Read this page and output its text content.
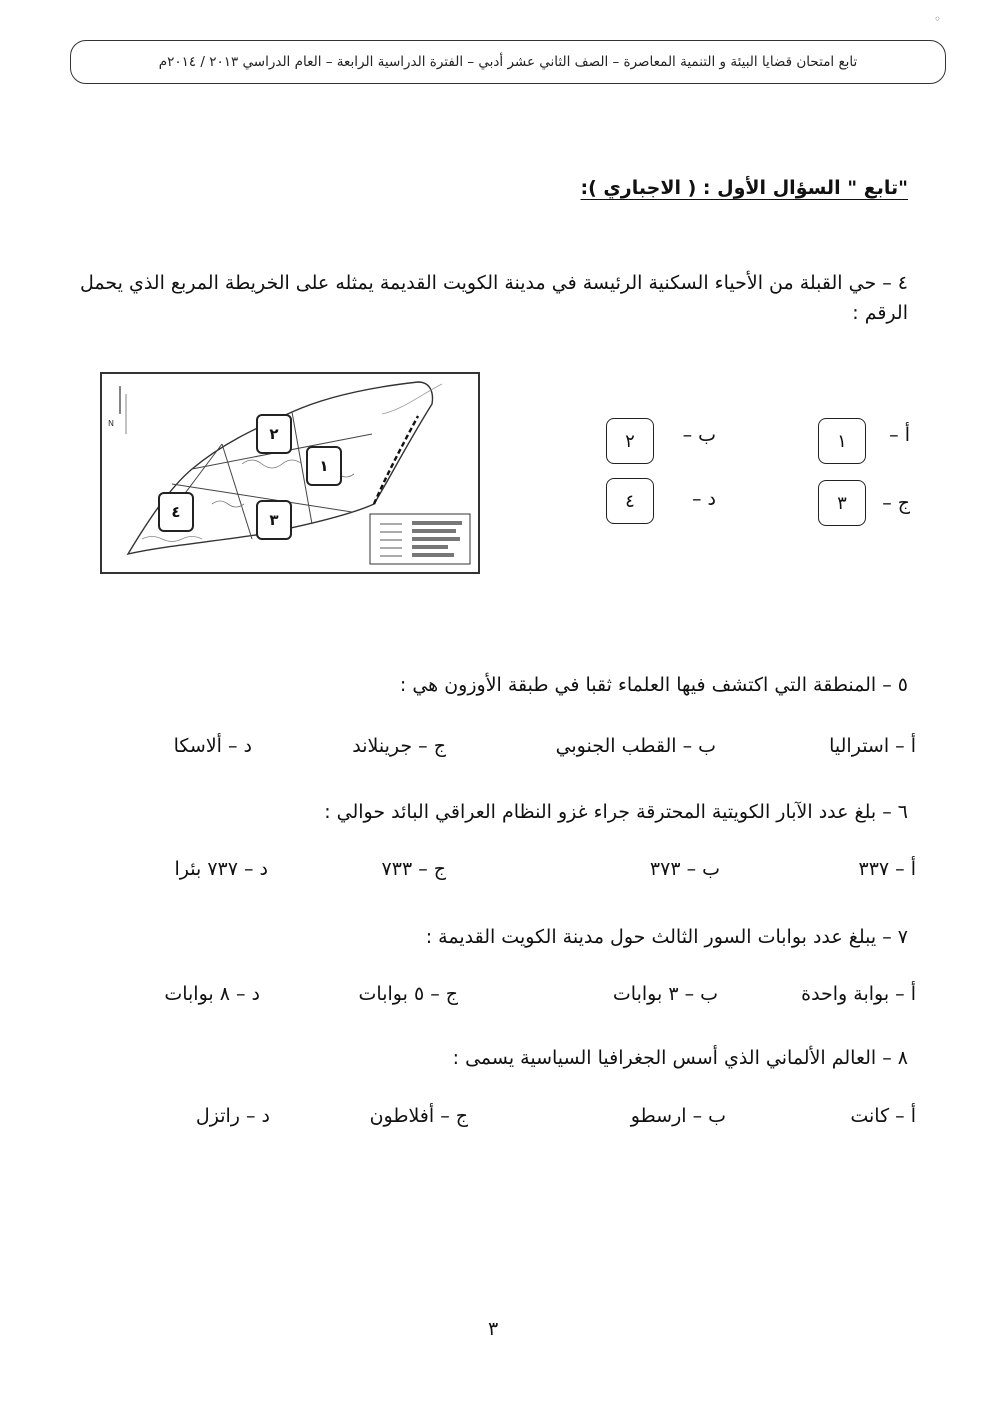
◦
تابع امتحان قضايا البيئة و التنمية المعاصرة – الصف الثاني عشر أدبي – الفترة الدراسية الرابعة – العام الدراسي ٢٠١٣ / ٢٠١٤م
"تابع " السؤال الأول : ( الاجباري ):
٤ – حي القبلة من الأحياء السكنية الرئيسة في مدينة الكويت القديمة يمثله على الخريطة المربع الذي يحمل الرقم :
N
٢
١
٤	٣
أ –
١
ب –
٢
ج –
٣
د –
٤
٥ – المنطقة التي اكتشف فيها العلماء ثقبا في طبقة الأوزون هي :
أ – استراليا
ب – القطب الجنوبي
ج – جرينلاند
د – ألاسكا
٦ – بلغ عدد الآبار الكويتية المحترقة جراء غزو النظام العراقي البائد حوالي :
أ – ٣٣٧
ب – ٣٧٣
ج – ٧٣٣
د – ٧٣٧ بئرا
٧ – يبلغ عدد بوابات السور الثالث حول مدينة الكويت القديمة :
أ – بوابة واحدة
ب – ٣ بوابات
ج – ٥ بوابات
د – ٨ بوابات
٨ – العالم الألماني الذي أسس الجغرافيا السياسية يسمى :
أ – كانت
ب – ارسطو
ج – أفلاطون
د – راتزل
٣
